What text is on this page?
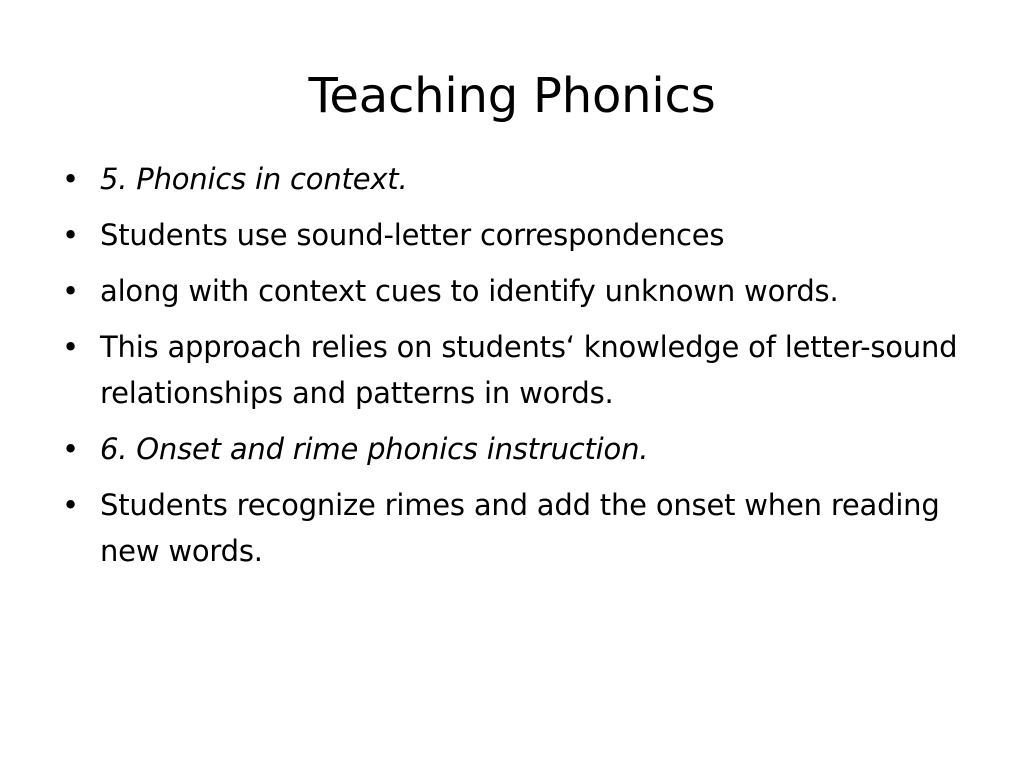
Teaching Phonics
• 5. Phonics in context.
• Students use sound-letter correspondences
• along with context cues to identify unknown words.
• This approach relies on students‘ knowledge of letter-sound relationships and patterns in words.
• 6. Onset and rime phonics instruction.
• Students recognize rimes and add the onset when reading new words.
